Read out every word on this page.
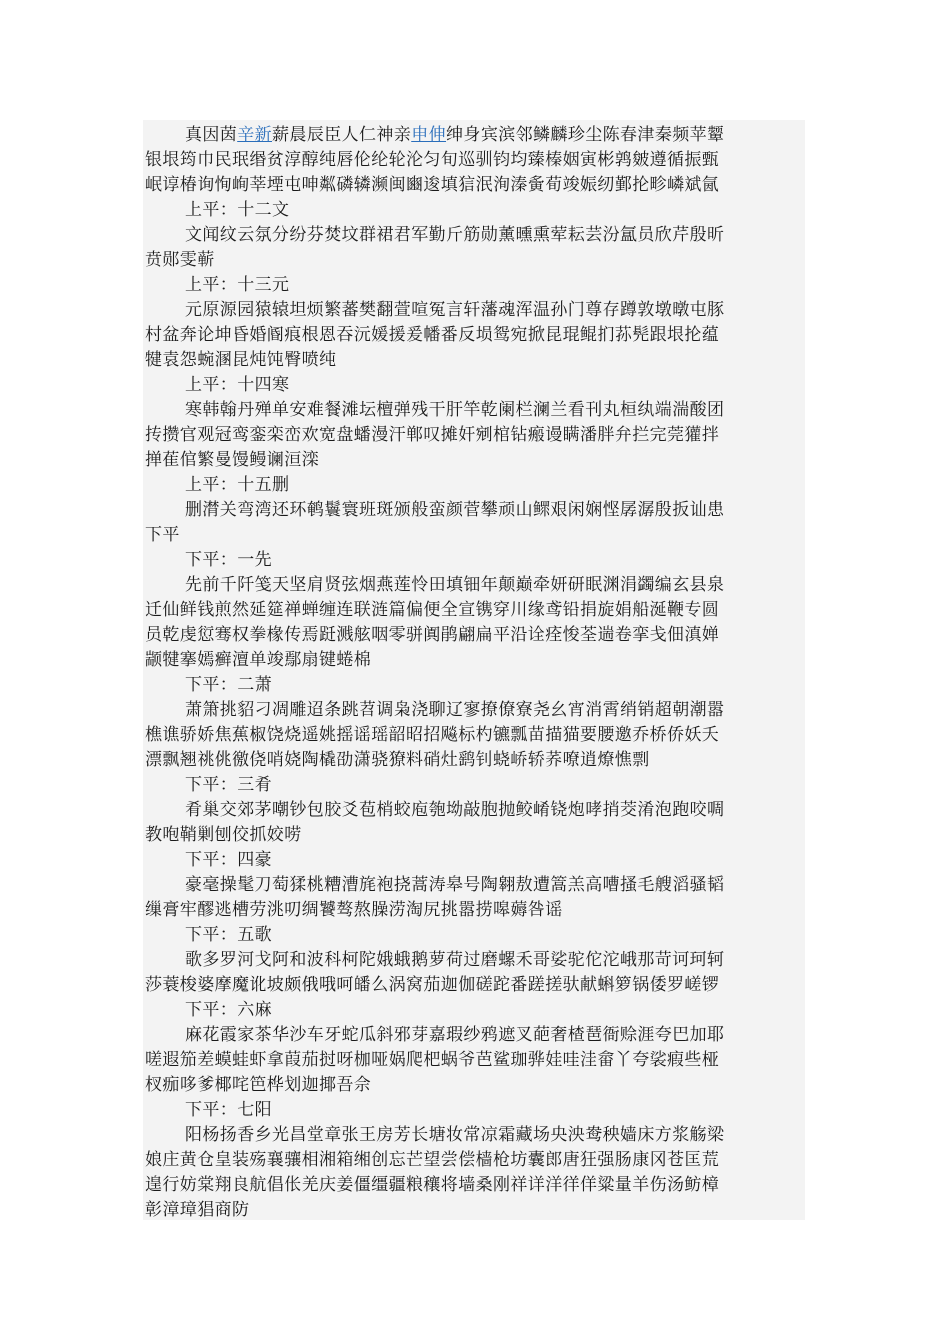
真因茵辛新薪晨辰臣人仁神亲申伸绅身宾滨邻鳞麟珍尘陈春津秦频苹颦
银垠筠巾民珉缗贫淳醇纯唇伦纶轮沦匀旬巡驯钧均臻榛姻寅彬鹑皴遵循振甄
岷谆椿询恂峋莘堙屯呻粼磷辚濒闽豳逡填狺泯洵溱夤荀竣娠纫鄞抡畛嶙斌氤
上平：十二文
文闻纹云氛分纷芬焚坟群裙君军勤斤筋勋薰曛熏荤耘芸汾氲员欣芹殷昕
贲郧雯蕲
上平：十三元
元原源园猿辕坦烦繁蕃樊翻萱喧冤言轩藩魂浑温孙门尊存蹲敦墩暾屯豚
村盆奔论坤昏婚阍痕根恩吞沅媛援爰幡番反埙鸳宛掀昆琨鲲扪荪髡跟垠抡蕴
犍袁怨蜿溷昆炖饨臀喷纯
上平：十四寒
寒韩翰丹殚单安难餐滩坛檀弹残干肝竿乾阑栏澜兰看刊丸桓纨端湍酸团
抟攒官观冠鸾銮栾峦欢宽盘蟠漫汗郸叹摊奸剜棺钻瘢谩瞒潘胖弁拦完莞獾拌
掸萑倌繁曼馒鳗谰洹滦
上平：十五删
删潸关弯湾还环鹌鬟寰班斑颁般蛮颜菅攀顽山鳏艰闲娴悭孱潺殷扳讪患
下平
下平：一先
先前千阡笺天坚肩贤弦烟燕莲怜田填钿年颠巅牵妍研眠渊涓蠲编玄县泉
迁仙鲜钱煎然延筵禅蝉缠连联涟篇偏便全宣镌穿川缘鸢铅捐旋娟船涎鞭专圆
员乾虔愆骞权拳椽传焉跹溅舷咽零骈阗鹃翩扁平沿诠痊悛荃遄卷挛戋佃滇婵
颛犍搴嫣癣澶单竣鄢扇键蜷棉
下平：二萧
萧箫挑貂刁凋雕迢条跳苕调枭浇聊辽寥撩僚寮尧幺宵消霄绡销超朝潮嚣
樵谯骄娇焦蕉椒饶烧遥姚摇谣瑶韶昭招飚标杓镳瓢苗描猫要腰邀乔桥侨妖夭
漂飘翘祧佻徼侥哨娆陶橇劭潇骁獠料硝灶鹞钊蛲峤轿荞嘹逍燎憔剽
下平：三肴
肴巢交郊茅嘲钞包胶爻苞梢蛟庖匏坳敲胞抛鲛崤铙炮哮捎茭淆泡跑咬啁
教咆鞘剿刨佼抓姣唠
下平：四豪
豪毫操髦刀萄猱桃糟漕旄袍挠蒿涛皋号陶翱敖遭篙羔高嘈搔毛艘滔骚韬
缫膏牢醪逃槽劳洮叨绸饕骜熬臊涝淘尻挑嚣捞嗥薅咎谣
下平：五歌
歌多罗河戈阿和波科柯陀娥蛾鹅萝荷过磨螺禾哥娑驼佗沱峨那苛诃珂轲
莎蓑梭婆摩魔讹坡颇俄哦呵皤么涡窝茄迦伽磋跎番蹉搓驮献蝌箩锅倭罗嵯锣
下平：六麻
麻花霞家茶华沙车牙蛇瓜斜邪芽嘉瑕纱鸦遮叉葩奢楂琶衙赊涯夸巴加耶
嗟遐笳差蟆蛙虾拿葭茄挝呀枷哑娲爬杷蜗爷芭鲨珈骅娃哇洼畲丫夸裟瘕些桠
杈痂哆爹椰咤笆桦划迦揶吾佘
下平：七阳
阳杨扬香乡光昌堂章张王房芳长塘妆常凉霜藏场央泱鸯秧嫱床方浆觞梁
娘庄黄仓皇装殇襄骧相湘箱缃创忘芒望尝偿樯枪坊囊郎唐狂强肠康冈苍匡荒
遑行妨棠翔良航倡伥羌庆姜僵缰疆粮穰将墙桑刚祥详洋徉佯粱量羊伤汤鲂樟
彰漳璋猖商防
